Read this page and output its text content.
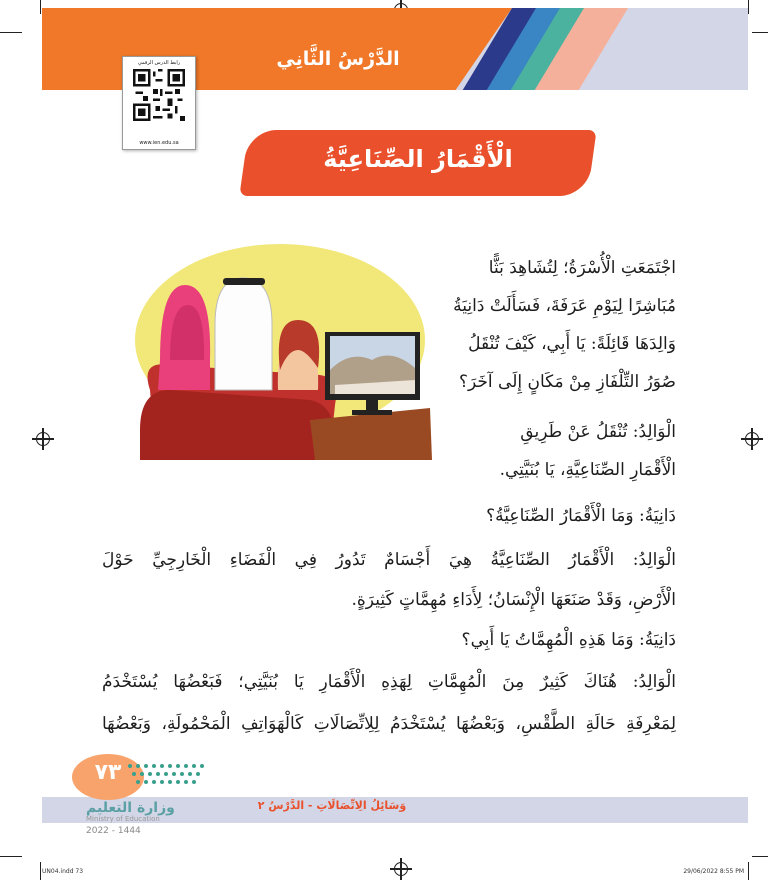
الدَّرْسُ الثَّانِي
رابط الدرس الرقمي
www.ien.edu.sa
الْأَقْمَارُ الصِّنَاعِيَّةُ
اجْتَمَعَتِ الْأُسْرَةُ؛ لِتُشَاهِدَ بَثًّا
مُبَاشِرًا لِيَوْمِ عَرَفَةَ، فَسَأَلَتْ دَانِيَةُ
وَالِدَهَا قَائِلَةً: يَا أَبِي، كَيْفَ تُنْقَلُ
صُوَرُ التِّلْفَازِ مِنْ مَكَانٍ إِلَى آخَرَ؟
الْوَالِدُ: تُنْقَلُ عَنْ طَرِيقِ
الْأَقْمَارِ الصِّنَاعِيَّةِ، يَا بُنَيَّتِي.
دَانِيَةُ: وَمَا الْأَقْمَارُ الصِّنَاعِيَّةُ؟
الْوَالِدُ: الْأَقْمَارُ الصِّنَاعِيَّةُ هِيَ أَجْسَامٌ تَدُورُ فِي الْفَضَاءِ الْخَارِجِيِّ حَوْلَ
الْأَرْضِ، وَقَدْ صَنَعَهَا الْإِنْسَانُ؛ لِأَدَاءِ مُهِمَّاتٍ كَثِيرَةٍ.
دَانِيَةُ: وَمَا هَذِهِ الْمُهِمَّاتُ يَا أَبِي؟
الْوَالِدُ: هُنَاكَ كَثِيرٌ مِنَ الْمُهِمَّاتِ لِهَذِهِ الْأَقْمَارِ يَا بُنَيَّتِي؛ فَبَعْضُهَا يُسْتَخْدَمُ
لِمَعْرِفَةِ حَالَةِ الطَّقْسِ، وَبَعْضُهَا يُسْتَخْدَمُ لِلِاتِّصَالَاتِ كَالْهَوَاتِفِ الْمَحْمُولَةِ، وَبَعْضُهَا
٧٣
وزارة التعليم
Ministry of Education
2022 - 1444
وَسَائِلُ الِاتِّصَالَاتِ - الدَّرْسُ ٢
UN04.indd 73	29/06/2022 8:55 PM
